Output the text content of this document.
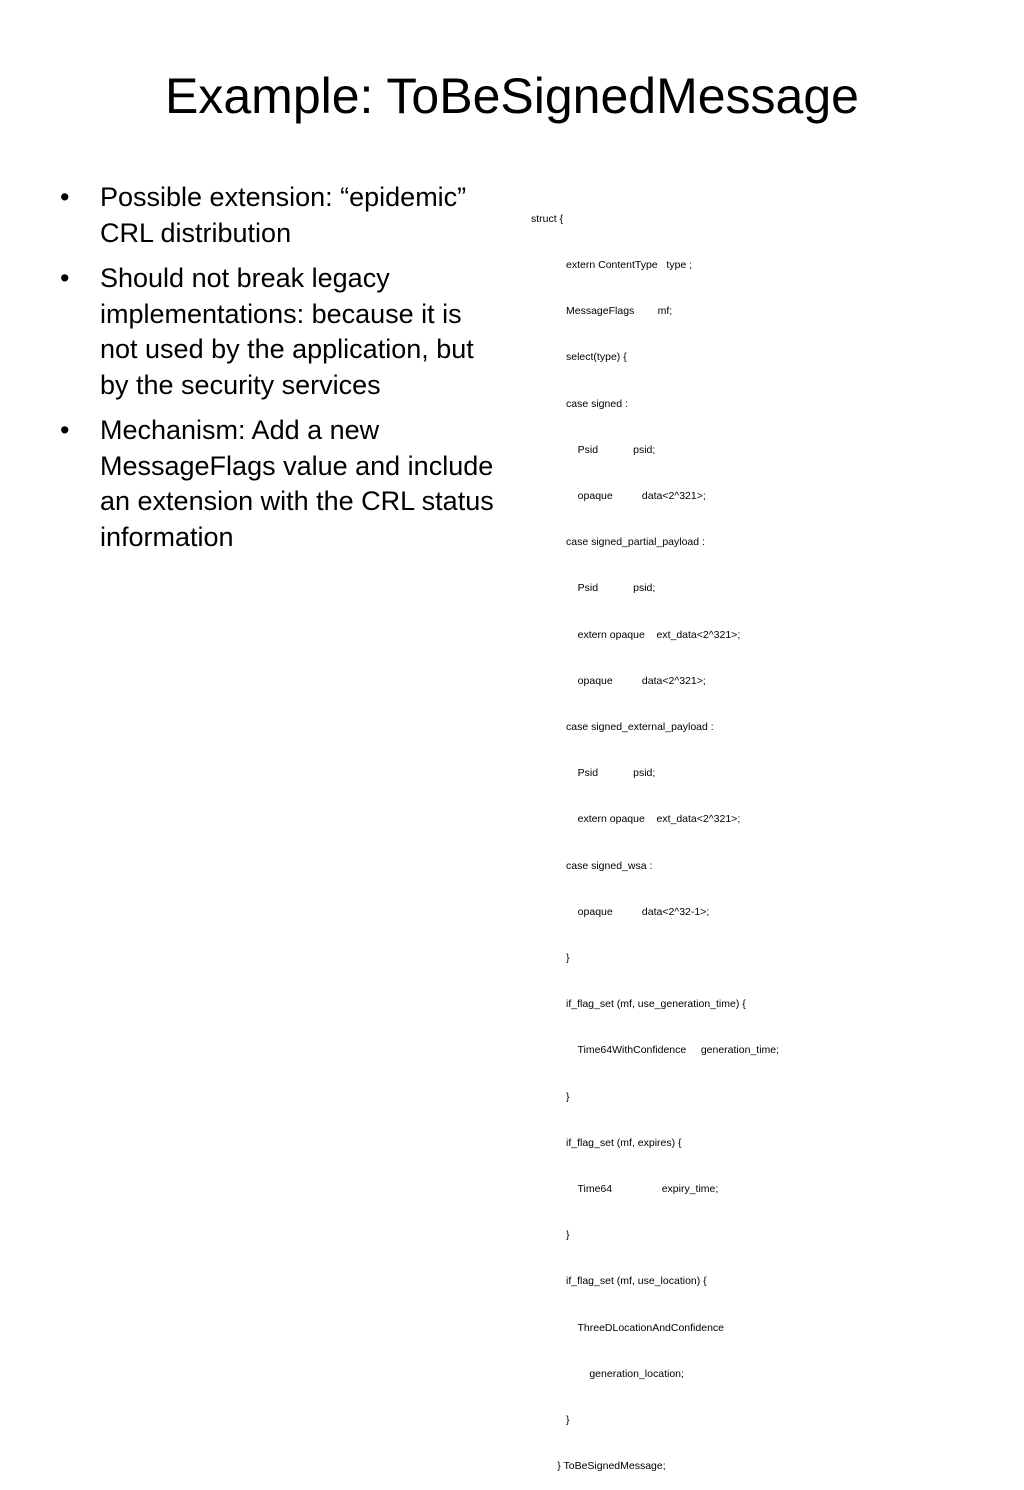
Example: ToBeSignedMessage
• Possible extension: “epidemic” CRL distribution
• Should not break legacy implementations: because it is not used by the application, but by the security services
• Mechanism: Add a new MessageFlags value and include an extension with the CRL status information

struct {

extern ContentType   type ;

MessageFlags        mf;

select(type) {

case signed :

Psid            psid;

opaque          data<2^321>;

case signed_partial_payload :

Psid            psid;

extern opaque    ext_data<2^321>;

opaque          data<2^321>;

case signed_external_payload :

Psid            psid;

extern opaque    ext_data<2^321>;

case signed_wsa :

opaque          data<2^32-1>;

}

if_flag_set (mf, use_generation_time) {

Time64WithConfidence     generation_time;

}

if_flag_set (mf, expires) {

Time64                 expiry_time;

}

if_flag_set (mf, use_location) {

ThreeDLocationAndConfidence

generation_location;

}

} ToBeSignedMessage;
